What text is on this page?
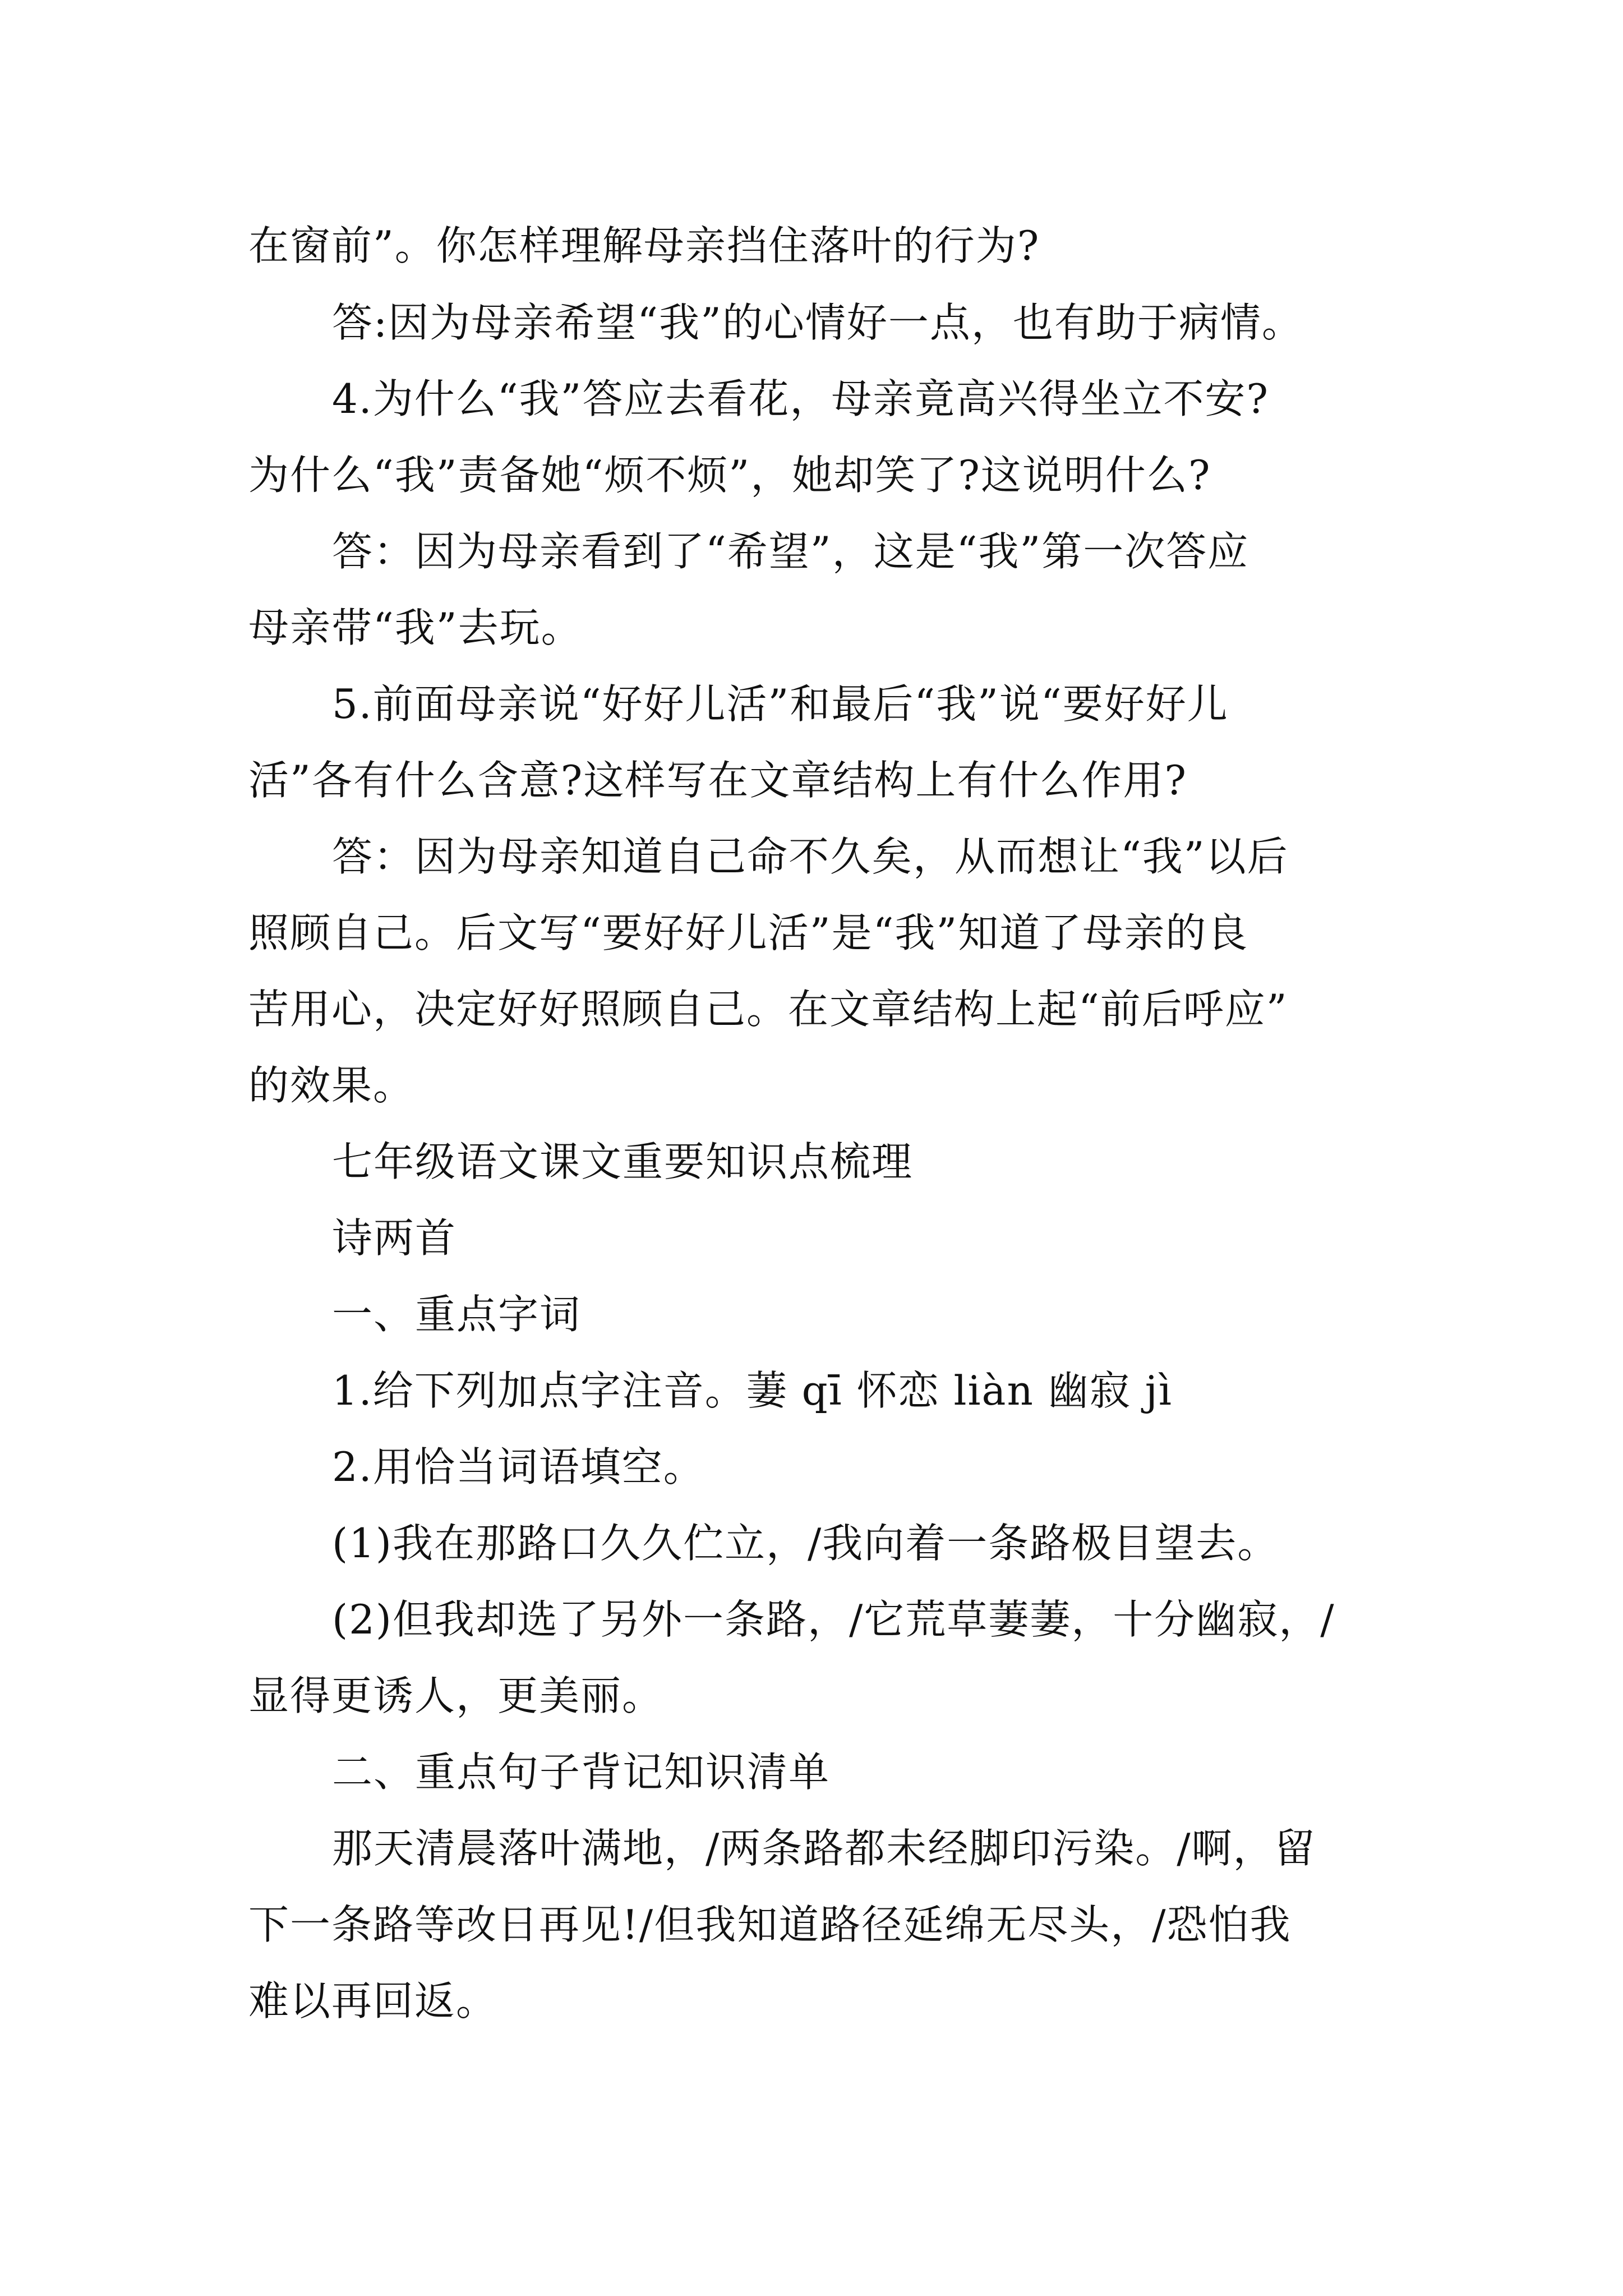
在窗前”。你怎样理解母亲挡住落叶的行为?
答:因为母亲希望“我”的心情好一点，也有助于病情。
4.为什么“我”答应去看花，母亲竟高兴得坐立不安?
为什么“我”责备她“烦不烦”，她却笑了?这说明什么?
答：因为母亲看到了“希望”，这是“我”第一次答应
母亲带“我”去玩。
5.前面母亲说“好好儿活”和最后“我”说“要好好儿
活”各有什么含意?这样写在文章结构上有什么作用?
答：因为母亲知道自己命不久矣，从而想让“我”以后
照顾自己。后文写“要好好儿活”是“我”知道了母亲的良
苦用心，决定好好照顾自己。在文章结构上起“前后呼应”
的效果。
七年级语文课文重要知识点梳理
诗两首
一、重点字词
1.给下列加点字注音。萋 qī 怀恋 liàn 幽寂 jì
2.用恰当词语填空。
(1)我在那路口久久伫立，/我向着一条路极目望去。
(2)但我却选了另外一条路，/它荒草萋萋，十分幽寂，/
显得更诱人，更美丽。
二、重点句子背记知识清单
那天清晨落叶满地，/两条路都未经脚印污染。/啊，留
下一条路等改日再见!/但我知道路径延绵无尽头，/恐怕我
难以再回返。
